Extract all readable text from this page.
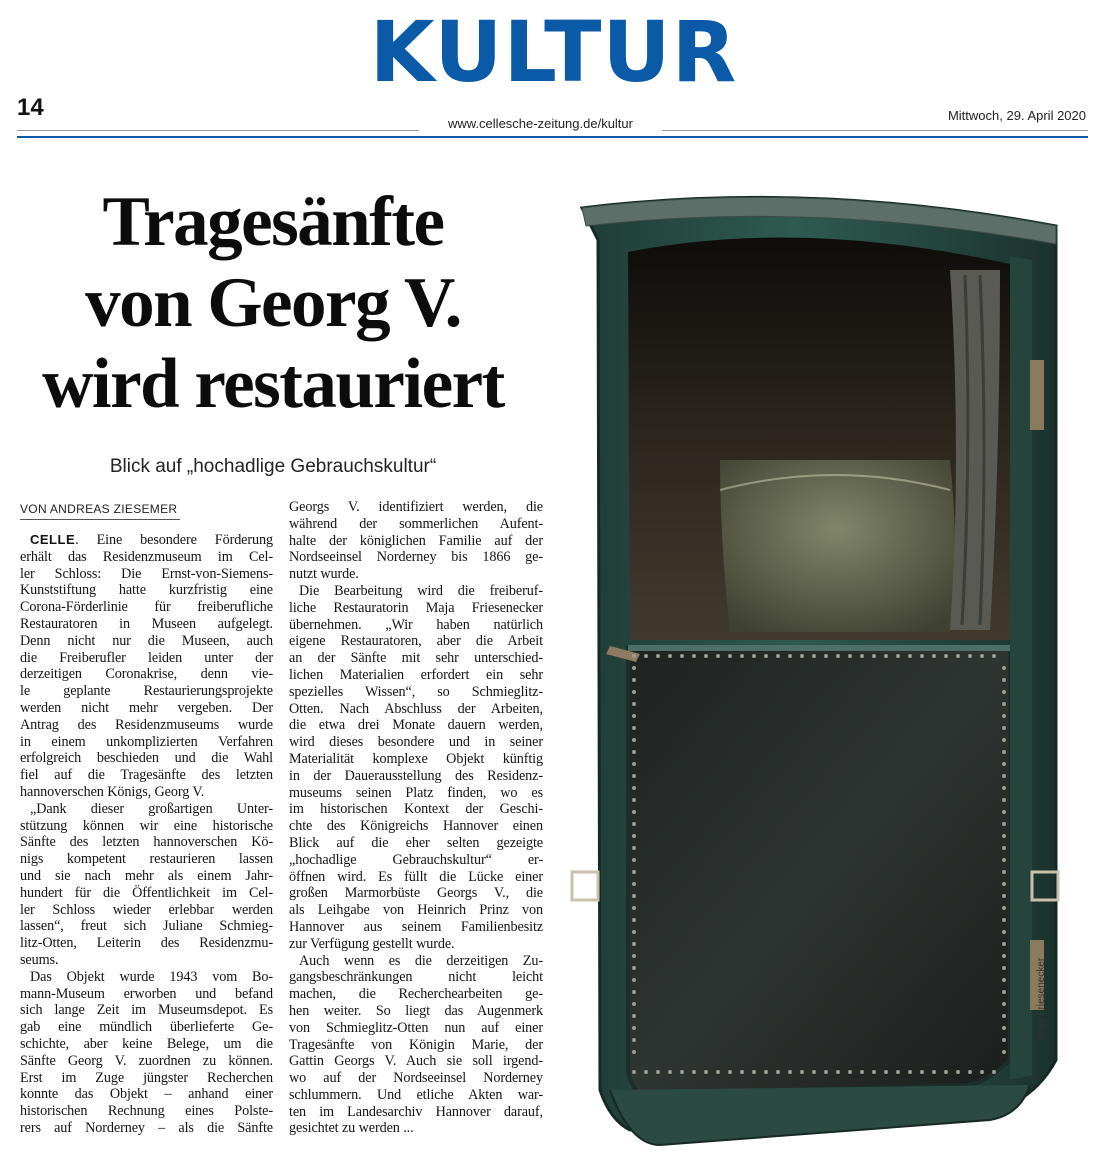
KULTUR
14
www.cellesche-zeitung.de/kultur
Mittwoch, 29. April 2020
Tragesänfte
von Georg V.
wird restauriert
Blick auf „hochadlige Gebrauchskultur“
VON ANDREAS ZIESEMER
CELLE. Eine besondere Förderung
erhält das Residenzmuseum im Cel-
ler Schloss: Die Ernst-von-Siemens-
Kunststiftung hatte kurzfristig eine
Corona-Förderlinie für freiberufliche
Restauratoren in Museen aufgelegt.
Denn nicht nur die Museen, auch
die Freiberufler leiden unter der
derzeitigen Coronakrise, denn vie-
le geplante Restaurierungsprojekte
werden nicht mehr vergeben. Der
Antrag des Residenzmuseums wurde
in einem unkomplizierten Verfahren
erfolgreich beschieden und die Wahl
fiel auf die Tragesänfte des letzten
hannoverschen Königs, Georg V.
„Dank dieser großartigen Unter-
stützung können wir eine historische
Sänfte des letzten hannoverschen Kö-
nigs kompetent restaurieren lassen
und sie nach mehr als einem Jahr-
hundert für die Öffentlichkeit im Cel-
ler Schloss wieder erlebbar werden
lassen“, freut sich Juliane Schmieg-
litz-Otten, Leiterin des Residenzmu-
seums.
Das Objekt wurde 1943 vom Bo-
mann-Museum erworben und befand
sich lange Zeit im Museumsdepot. Es
gab eine mündlich überlieferte Ge-
schichte, aber keine Belege, um die
Sänfte Georg V. zuordnen zu können.
Erst im Zuge jüngster Recherchen
konnte das Objekt – anhand einer
historischen Rechnung eines Polste-
rers auf Norderney – als die Sänfte
Georgs V. identifiziert werden, die
während der sommerlichen Aufent-
halte der königlichen Familie auf der
Nordseeinsel Norderney bis 1866 ge-
nutzt wurde.
Die Bearbeitung wird die freiberuf-
liche Restauratorin Maja Friesenecker
übernehmen. „Wir haben natürlich
eigene Restauratoren, aber die Arbeit
an der Sänfte mit sehr unterschied-
lichen Materialien erfordert ein sehr
spezielles Wissen“, so Schmieglitz-
Otten. Nach Abschluss der Arbeiten,
die etwa drei Monate dauern werden,
wird dieses besondere und in seiner
Materialität komplexe Objekt künftig
in der Dauerausstellung des Residenz-
museums seinen Platz finden, wo es
im historischen Kontext der Geschi-
chte des Königreichs Hannover einen
Blick auf die eher selten gezeigte
„hochadlige Gebrauchskultur“ er-
öffnen wird. Es füllt die Lücke einer
großen Marmorbüste Georgs V., die
als Leihgabe von Heinrich Prinz von
Hannover aus seinem Familienbesitz
zur Verfügung gestellt wurde.
Auch wenn es die derzeitigen Zu-
gangsbeschränkungen nicht leicht
machen, die Recherchearbeiten ge-
hen weiter. So liegt das Augenmerk
von Schmieglitz-Otten nun auf einer
Tragesänfte von Königin Marie, der
Gattin Georgs V. Auch sie soll irgend-
wo auf der Nordseeinsel Norderney
schlummern. Und etliche Akten war-
ten im Landesarchiv Hannover darauf,
gesichtet zu werden ...
Maja Friesenecker
